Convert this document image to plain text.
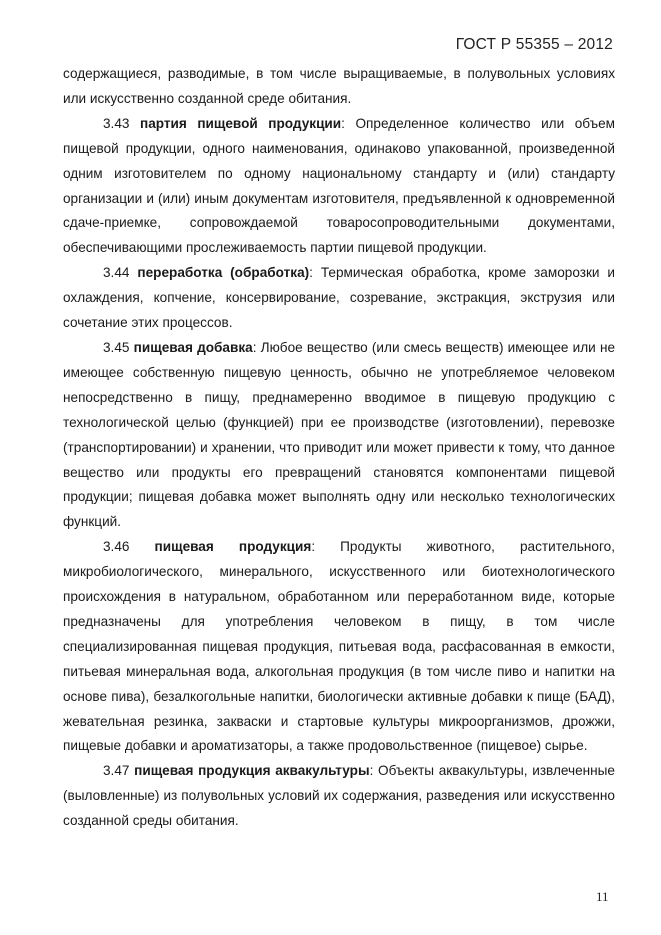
ГОСТ Р 55355 – 2012

содержащиеся, разводимые, в том числе выращиваемые, в полувольных условиях или искусственно созданной среде обитания.

3.43 партия пищевой продукции: Определенное количество или объем пищевой продукции, одного наименования, одинаково упакованной, произведенной одним изготовителем по одному национальному стандарту и (или) стандарту организации и (или) иным документам изготовителя, предъявленной к одновременной сдаче-приемке, сопровождаемой товаросопроводительными документами, обеспечивающими прослеживаемость партии пищевой продукции.

3.44 переработка (обработка): Термическая обработка, кроме заморозки и охлаждения, копчение, консервирование, созревание, экстракция, экструзия или сочетание этих процессов.

3.45 пищевая добавка: Любое вещество (или смесь веществ) имеющее или не имеющее собственную пищевую ценность, обычно не употребляемое человеком непосредственно в пищу, преднамеренно вводимое в пищевую продукцию с технологической целью (функцией) при ее производстве (изготовлении), перевозке (транспортировании) и хранении, что приводит или может привести к тому, что данное вещество или продукты его превращений становятся компонентами пищевой продукции; пищевая добавка может выполнять одну или несколько технологических функций.

3.46 пищевая продукция: Продукты животного, растительного, микробиологического, минерального, искусственного или биотехнологического происхождения в натуральном, обработанном или переработанном виде, которые предназначены для употребления человеком в пищу, в том числе специализированная пищевая продукция, питьевая вода, расфасованная в емкости, питьевая минеральная вода, алкогольная продукция (в том числе пиво и напитки на основе пива), безалкогольные напитки, биологически активные добавки к пище (БАД), жевательная резинка, закваски и стартовые культуры микроорганизмов, дрожжи, пищевые добавки и ароматизаторы, а также продовольственное (пищевое) сырье.

3.47 пищевая продукция аквакультуры: Объекты аквакультуры, извлеченные (выловленные) из полувольных условий их содержания, разведения или искусственно созданной среды обитания.

11
